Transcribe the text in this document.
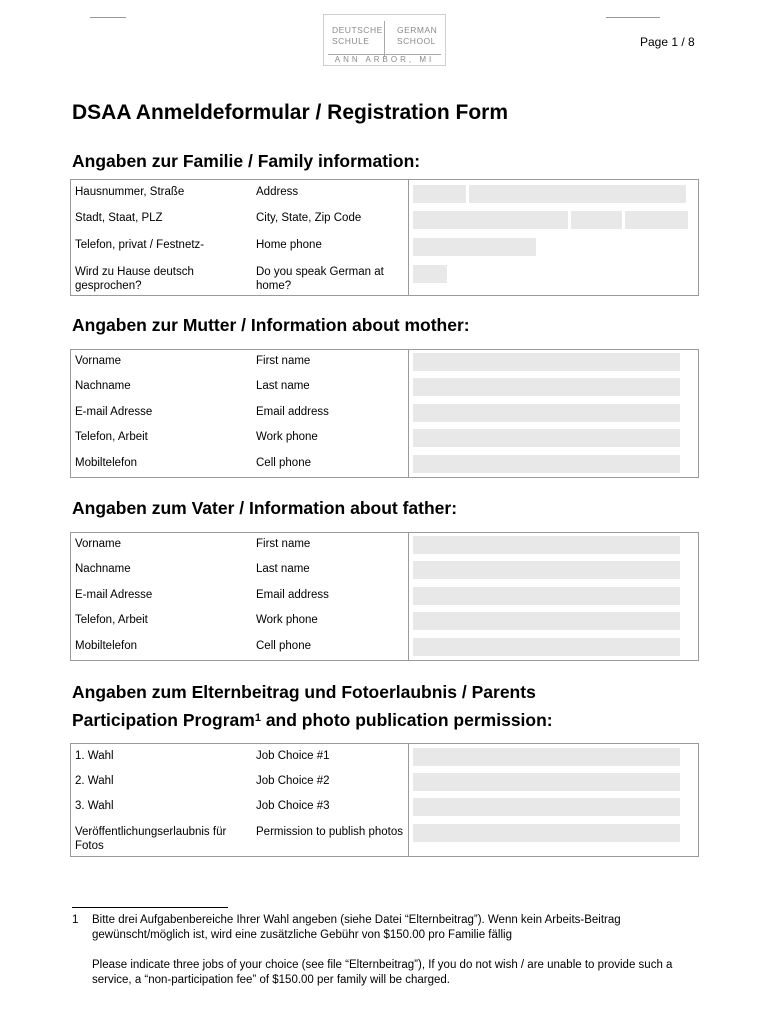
DEUTSCHE
SCHULE
GERMAN
SCHOOL
ANN ARBOR, MI
Page 1 / 8
DSAA Anmeldeformular / Registration Form
Angaben zur Familie / Family information:
Hausnummer, Straße	Address	
Stadt, Staat, PLZ	City, State, Zip Code	
Telefon, privat / Festnetz-	Home phone	
Wird zu Hause deutsch gesprochen?	Do you speak German at home?	
Angaben zur Mutter / Information about mother:
Vorname	First name	
Nachname	Last name	
E-mail Adresse	Email address	
Telefon, Arbeit	Work phone	
Mobiltelefon	Cell phone	
Angaben zum Vater / Information about father:
Vorname	First name	
Nachname	Last name	
E-mail Adresse	Email address	
Telefon, Arbeit	Work phone	
Mobiltelefon	Cell phone	
Angaben zum Elternbeitrag und Fotoerlaubnis / Parents
Participation Program$^1$ and photo publication permission:
1. Wahl	Job Choice #1	
2. Wahl	Job Choice #2	
3. Wahl	Job Choice #3	
Veröffentlichungserlaubnis für Fotos	Permission to publish photos	
1 Bitte drei Aufgabenbereiche Ihrer Wahl angeben (siehe Datei “Elternbeitrag”). Wenn kein Arbeits-Beitrag gewünscht/möglich ist, wird eine zusätzliche Gebühr von $150.00 pro Familie fällig
Please indicate three jobs of your choice (see file “Elternbeitrag”), If you do not wish / are unable to provide such a service, a “non-participation fee” of $150.00 per family will be charged.
